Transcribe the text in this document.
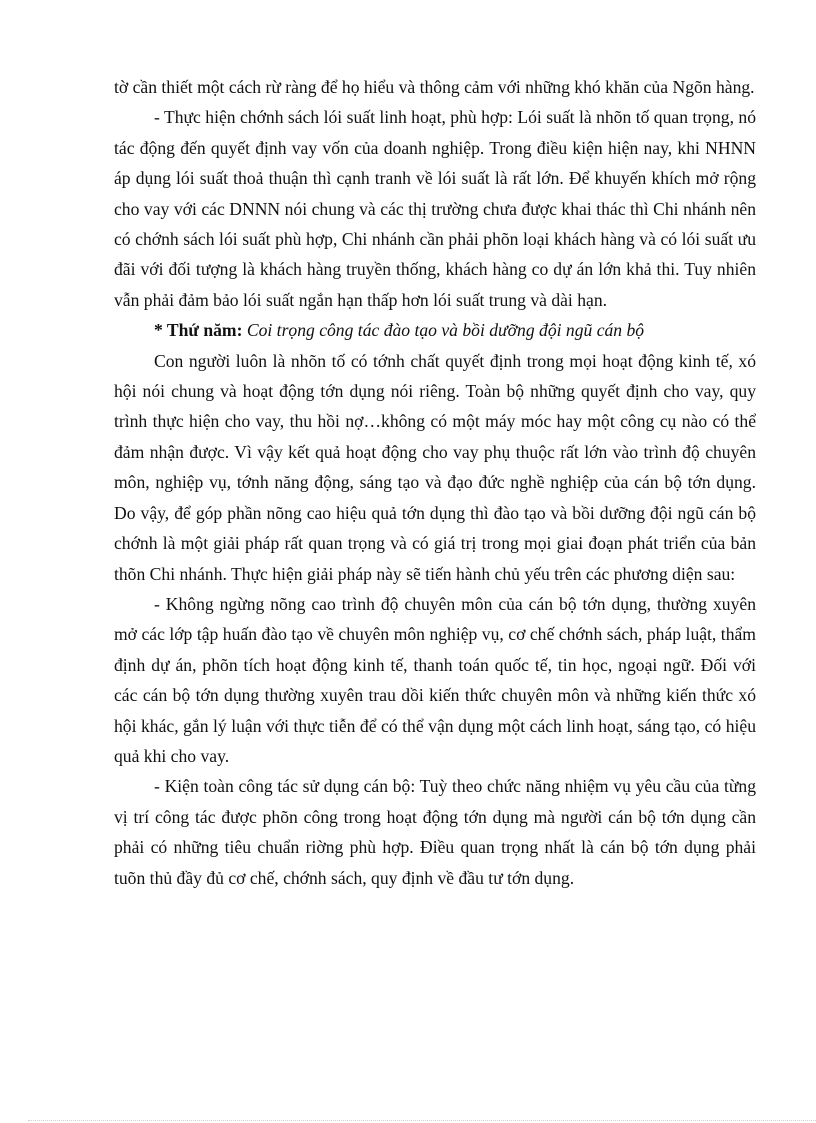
tờ cần thiết một cách rừ ràng để họ hiểu và thông cảm với những khó khăn của Ngõn hàng.

- Thực hiện chớnh sách lói suất linh hoạt, phù hợp: Lói suất là nhõn tố quan trọng, nó tác động đến quyết định vay vốn của doanh nghiệp. Trong điều kiện hiện nay, khi NHNN áp dụng lói suất thoả thuận thì cạnh tranh về lói suất là rất lớn. Để khuyến khích mở rộng cho vay với các DNNN nói chung và các thị trường chưa được khai thác thì Chi nhánh nên có chớnh sách lói suất phù hợp, Chi nhánh cần phải phõn loại khách hàng và có lói suất ưu đãi với đối tượng là khách hàng truyền thống, khách hàng co dự án lớn khả thi. Tuy nhiên vẫn phải đảm bảo lói suất ngắn hạn thấp hơn lói suất trung và dài hạn.

* Thứ năm: Coi trọng công tác đào tạo và bồi dưỡng đội ngũ cán bộ

Con người luôn là nhõn tố có tớnh chất quyết định trong mọi hoạt động kinh tế, xó hội nói chung và hoạt động tớn dụng nói riêng. Toàn bộ những quyết định cho vay, quy trình thực hiện cho vay, thu hồi nợ…không có một máy móc hay một công cụ nào có thể đảm nhận được. Vì vậy kết quả hoạt động cho vay phụ thuộc rất lớn vào trình độ chuyên môn, nghiệp vụ, tớnh năng động, sáng tạo và đạo đức nghề nghiệp của cán bộ tớn dụng. Do vậy, để góp phần nõng cao hiệu quả tớn dụng thì đào tạo và bồi dưỡng đội ngũ cán bộ chớnh là một giải pháp rất quan trọng và có giá trị trong mọi giai đoạn phát triển của bản thõn Chi nhánh. Thực hiện giải pháp này sẽ tiến hành chủ yếu trên các phương diện sau:

- Không ngừng nõng cao trình độ chuyên môn của cán bộ tớn dụng, thường xuyên mở các lớp tập huấn đào tạo về chuyên môn nghiệp vụ, cơ chế chớnh sách, pháp luật, thẩm định dự án, phõn tích hoạt động kinh tế, thanh toán quốc tế, tin học, ngoại ngữ. Đối với các cán bộ tớn dụng thường xuyên trau dồi kiến thức chuyên môn và những kiến thức xó hội khác, gắn lý luận với thực tiễn để có thể vận dụng một cách linh hoạt, sáng tạo, có hiệu quả khi cho vay.

- Kiện toàn công tác sử dụng cán bộ: Tuỳ theo chức năng nhiệm vụ yêu cầu của từng vị trí công tác được phõn công trong hoạt động tớn dụng mà người cán bộ tớn dụng cần phải có những tiêu chuẩn riờng phù hợp. Điều quan trọng nhất là cán bộ tớn dụng phải tuõn thủ đầy đủ cơ chế, chớnh sách, quy định về đầu tư tớn dụng.
